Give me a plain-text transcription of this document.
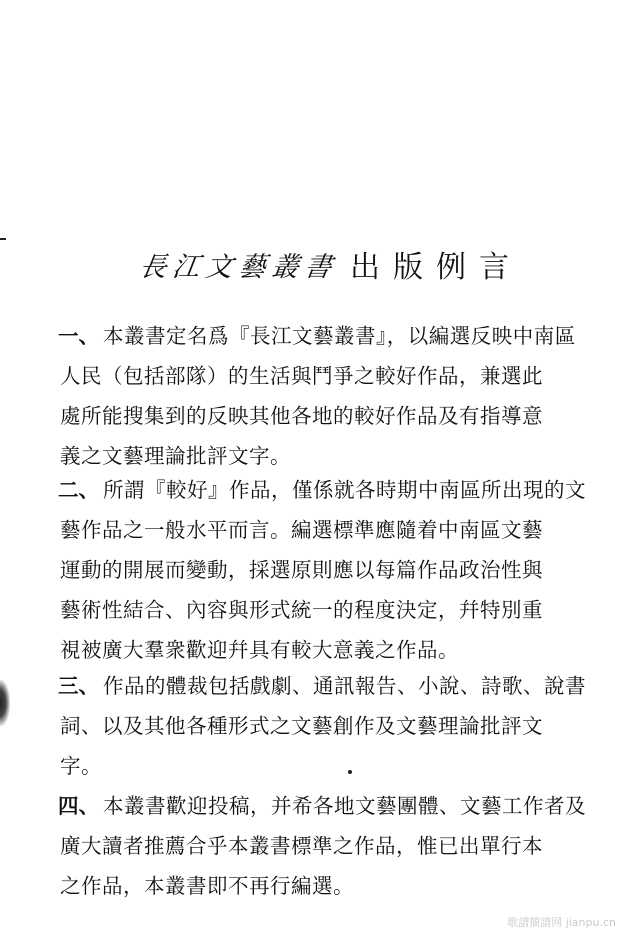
長江文藝叢書 出版例言
一、 本叢書定名爲『長江文藝叢書』，以編選反映中南區
人民（包括部隊）的生活與鬥爭之較好作品，兼選此
處所能搜集到的反映其他各地的較好作品及有指導意
義之文藝理論批評文字。
二、 所謂『較好』作品，僅係就各時期中南區所出現的文
藝作品之一般水平而言。編選標準應隨着中南區文藝
運動的開展而變動，採選原則應以每篇作品政治性與
藝術性結合、內容與形式統一的程度決定，幷特別重
視被廣大羣衆歡迎幷具有較大意義之作品。
三、 作品的體裁包括戲劇、通訊報告、小說、詩歌、說書
詞、以及其他各種形式之文藝創作及文藝理論批評文
字。
四、 本叢書歡迎投稿，并希各地文藝團體、文藝工作者及
廣大讀者推薦合乎本叢書標準之作品，惟已出單行本
之作品，本叢書即不再行編選。
歌譜簡譜网 jianpu.cn
